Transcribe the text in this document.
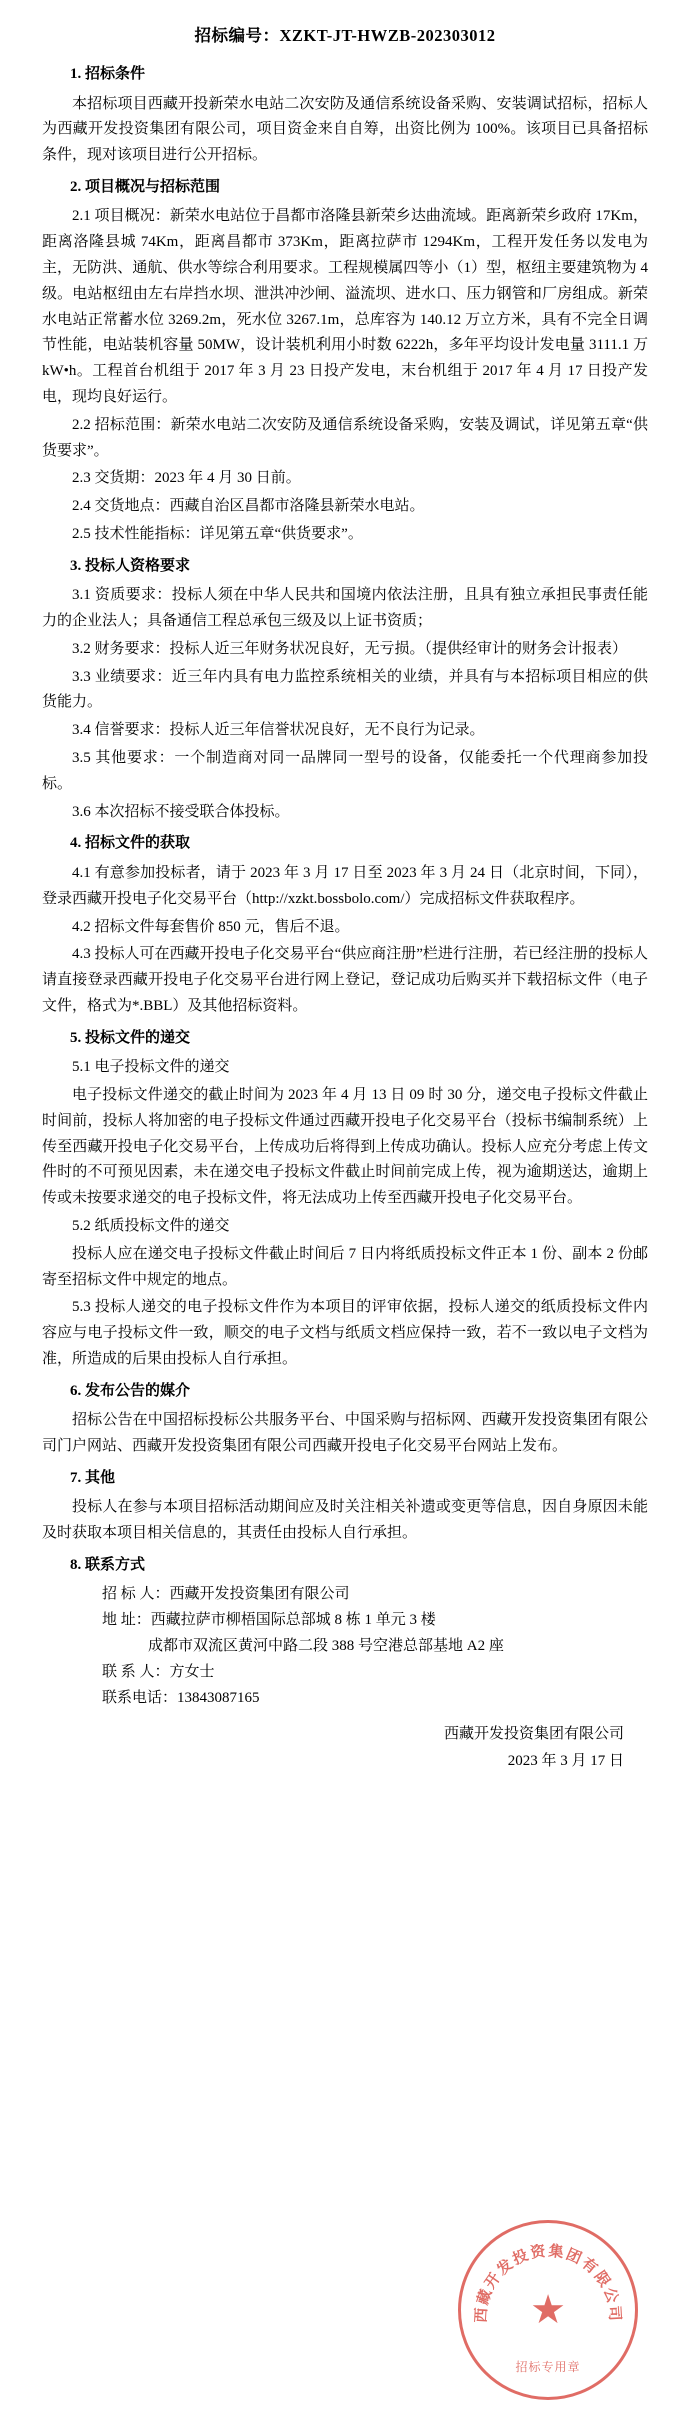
招标编号：XZKT-JT-HWZB-202303012
1. 招标条件

本招标项目西藏开投新荣水电站二次安防及通信系统设备采购、安装调试招标，招标人为西藏开发投资集团有限公司，项目资金来自自筹，出资比例为 100%。该项目已具备招标条件，现对该项目进行公开招标。

2. 项目概况与招标范围

2.1 项目概况：新荣水电站位于昌都市洛隆县新荣乡达曲流域。距离新荣乡政府 17Km，距离洛隆县城 74Km，距离昌都市 373Km，距离拉萨市 1294Km，工程开发任务以发电为主，无防洪、通航、供水等综合利用要求。工程规模属四等小（1）型，枢纽主要建筑物为 4 级。电站枢纽由左右岸挡水坝、泄洪冲沙闸、溢流坝、进水口、压力钢管和厂房组成。新荣水电站正常蓄水位 3269.2m，死水位 3267.1m，总库容为 140.12 万立方米，具有不完全日调节性能，电站装机容量 50MW，设计装机利用小时数 6222h，多年平均设计发电量 3111.1 万 kW•h。工程首台机组于 2017 年 3 月 23 日投产发电，末台机组于 2017 年 4 月 17 日投产发电，现均良好运行。

2.2 招标范围：新荣水电站二次安防及通信系统设备采购，安装及调试，详见第五章“供货要求”。

2.3 交货期：2023 年 4 月 30 日前。

2.4 交货地点：西藏自治区昌都市洛隆县新荣水电站。

2.5 技术性能指标：详见第五章“供货要求”。

3. 投标人资格要求

3.1 资质要求：投标人须在中华人民共和国境内依法注册，且具有独立承担民事责任能力的企业法人；具备通信工程总承包三级及以上证书资质；

3.2 财务要求：投标人近三年财务状况良好，无亏损。（提供经审计的财务会计报表）

3.3 业绩要求：近三年内具有电力监控系统相关的业绩，并具有与本招标项目相应的供货能力。

3.4 信誉要求：投标人近三年信誉状况良好，无不良行为记录。

3.5 其他要求：一个制造商对同一品牌同一型号的设备，仅能委托一个代理商参加投标。

3.6 本次招标不接受联合体投标。

4. 招标文件的获取

4.1 有意参加投标者，请于 2023 年 3 月 17 日至 2023 年 3 月 24 日（北京时间，下同），登录西藏开投电子化交易平台（http://xzkt.bossbolo.com/）完成招标文件获取程序。

4.2 招标文件每套售价 850 元，售后不退。

4.3 投标人可在西藏开投电子化交易平台“供应商注册”栏进行注册，若已经注册的投标人请直接登录西藏开投电子化交易平台进行网上登记，登记成功后购买并下载招标文件（电子文件，格式为*.BBL）及其他招标资料。

5. 投标文件的递交

5.1 电子投标文件的递交

电子投标文件递交的截止时间为 2023 年 4 月 13 日 09 时 30 分，递交电子投标文件截止时间前，投标人将加密的电子投标文件通过西藏开投电子化交易平台（投标书编制系统）上传至西藏开投电子化交易平台，上传成功后将得到上传成功确认。投标人应充分考虑上传文件时的不可预见因素，未在递交电子投标文件截止时间前完成上传，视为逾期送达，逾期上传或未按要求递交的电子投标文件，将无法成功上传至西藏开投电子化交易平台。

5.2 纸质投标文件的递交

投标人应在递交电子投标文件截止时间后 7 日内将纸质投标文件正本 1 份、副本 2 份邮寄至招标文件中规定的地点。

5.3 投标人递交的电子投标文件作为本项目的评审依据，投标人递交的纸质投标文件内容应与电子投标文件一致，顺交的电子文档与纸质文档应保持一致，若不一致以电子文档为准，所造成的后果由投标人自行承担。

6. 发布公告的媒介

招标公告在中国招标投标公共服务平台、中国采购与招标网、西藏开发投资集团有限公司门户网站、西藏开发投资集团有限公司西藏开投电子化交易平台网站上发布。

7. 其他

投标人在参与本项目招标活动期间应及时关注相关补遗或变更等信息，因自身原因未能及时获取本项目相关信息的，其责任由投标人自行承担。

8. 联系方式
招 标 人：西藏开发投资集团有限公司
地 址：西藏拉萨市柳梧国际总部城 8 栋 1 单元 3 楼
成都市双流区黄河中路二段 388 号空港总部基地 A2 座
联 系 人：方女士
联系电话：13843087165
西藏开发投资集团有限公司
2023 年 3 月 17 日
西藏开发投资集团有限公司
★
招标专用章
